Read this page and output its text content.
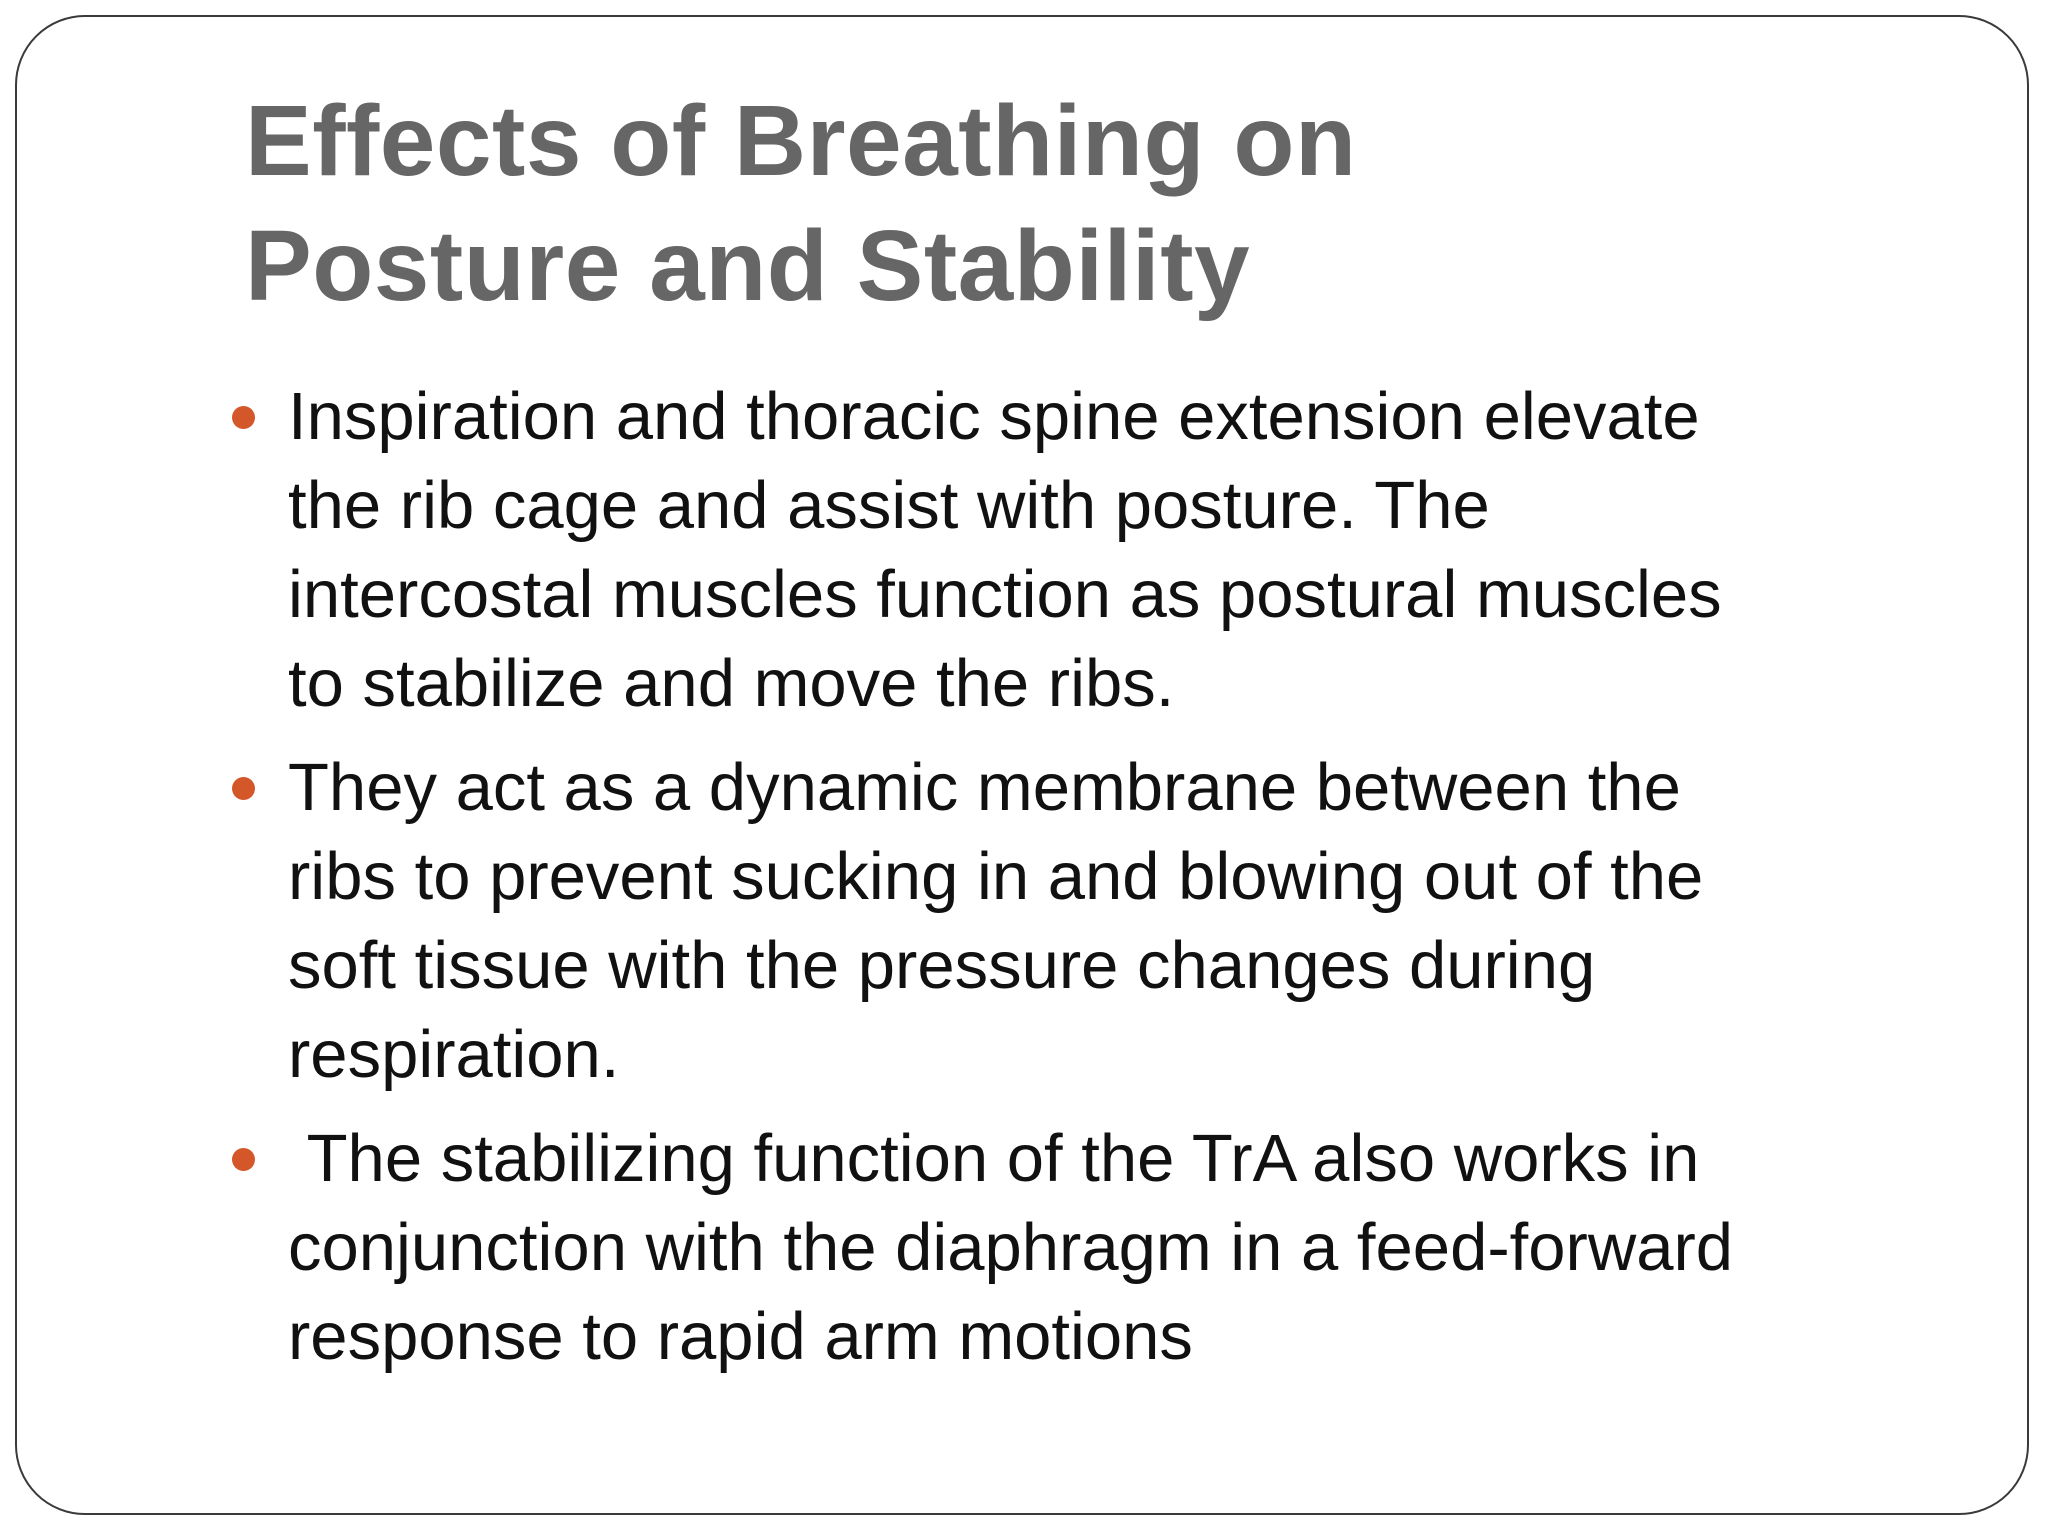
Effects of Breathing on
Posture and Stability
Inspiration and thoracic spine extension elevate
the rib cage and assist with posture. The
intercostal muscles function as postural muscles
to stabilize and move the ribs.
They act as a dynamic membrane between the
ribs to prevent sucking in and blowing out of the
soft tissue with the pressure changes during
respiration.
The stabilizing function of the TrA also works in
conjunction with the diaphragm in a feed-forward
response to rapid arm motions
